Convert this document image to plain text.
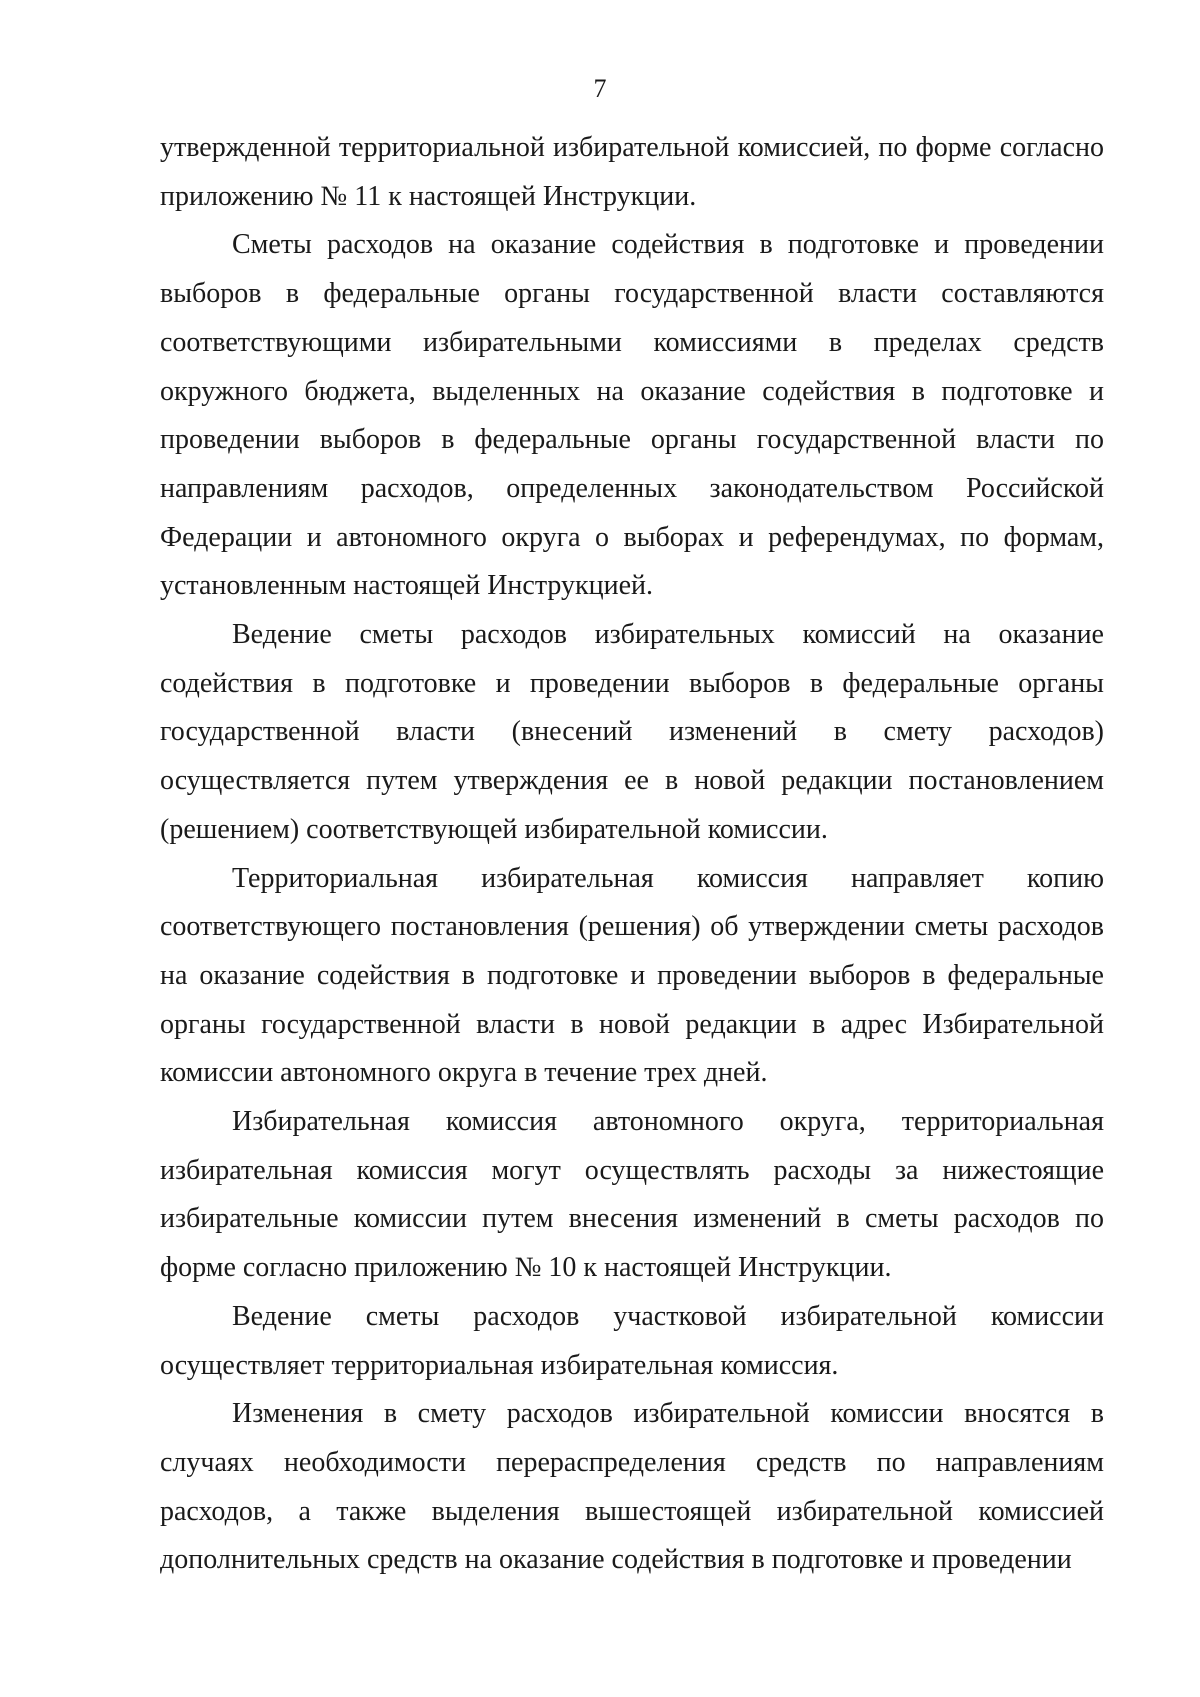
7

утвержденной территориальной избирательной комиссией, по форме согласно приложению № 11 к настоящей Инструкции.

Сметы расходов на оказание содействия в подготовке и проведении выборов в федеральные органы государственной власти составляются соответствующими избирательными комиссиями в пределах средств окружного бюджета, выделенных на оказание содействия в подготовке и проведении выборов в федеральные органы государственной власти по направлениям расходов, определенных законодательством Российской Федерации и автономного округа о выборах и референдумах, по формам, установленным настоящей Инструкцией.

Ведение сметы расходов избирательных комиссий на оказание содействия в подготовке и проведении выборов в федеральные органы государственной власти (внесений изменений в смету расходов) осуществляется путем утверждения ее в новой редакции постановлением (решением) соответствующей избирательной комиссии.

Территориальная избирательная комиссия направляет копию соответствующего постановления (решения) об утверждении сметы расходов на оказание содействия в подготовке и проведении выборов в федеральные органы государственной власти в новой редакции в адрес Избирательной комиссии автономного округа в течение трех дней.

Избирательная комиссия автономного округа, территориальная избирательная комиссия могут осуществлять расходы за нижестоящие избирательные комиссии путем внесения изменений в сметы расходов по форме согласно приложению № 10 к настоящей Инструкции.

Ведение сметы расходов участковой избирательной комиссии осуществляет территориальная избирательная комиссия.

Изменения в смету расходов избирательной комиссии вносятся в случаях необходимости перераспределения средств по направлениям расходов, а также выделения вышестоящей избирательной комиссией дополнительных средств на оказание содействия в подготовке и проведении
